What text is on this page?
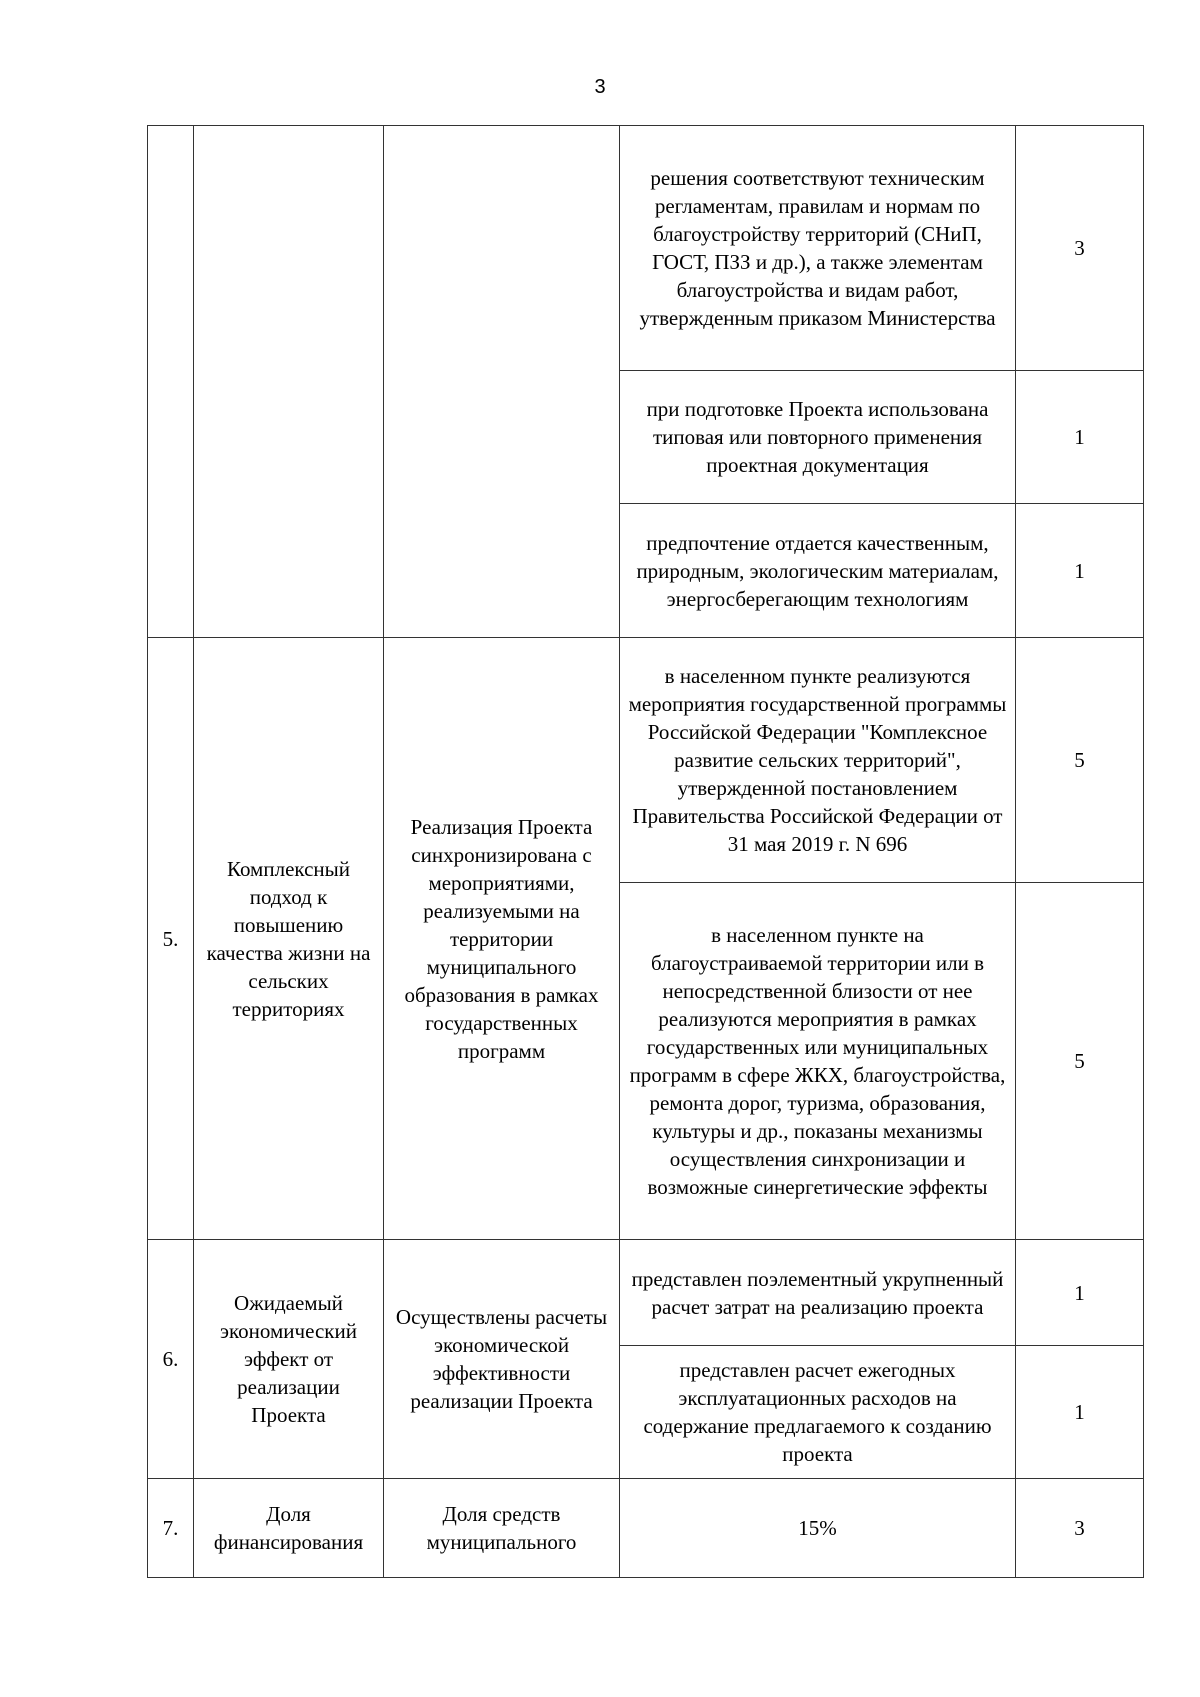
3
			решения соответствуют техническим регламентам, правилам и нормам по благоустройству территорий (СНиП, ГОСТ, ПЗЗ и др.), а также элементам благоустройства и видам работ, утвержденным приказом Министерства	3
			при подготовке Проекта использована типовая или повторного применения проектная документация	1
			предпочтение отдается качественным, природным, экологическим материалам, энергосберегающим технологиям	1
5.	Комплексный подход к повышению качества жизни на сельских территориях	Реализация Проекта синхронизирована с мероприятиями, реализуемыми на территории муниципального образования в рамках государственных программ	в населенном пункте реализуются мероприятия государственной программы Российской Федерации "Комплексное развитие сельских территорий", утвержденной постановлением Правительства Российской Федерации от 31 мая 2019 г. N 696	5
			в населенном пункте на благоустраиваемой территории или в непосредственной близости от нее реализуются мероприятия в рамках государственных или муниципальных программ в сфере ЖКХ, благоустройства, ремонта дорог, туризма, образования, культуры и др., показаны механизмы осуществления синхронизации и возможные синергетические эффекты	5
6.	Ожидаемый экономический эффект от реализации Проекта	Осуществлены расчеты экономической эффективности реализации Проекта	представлен поэлементный укрупненный расчет затрат на реализацию проекта	1
			представлен расчет ежегодных эксплуатационных расходов на содержание предлагаемого к созданию проекта	1
7.	Доля финансирования	Доля средств муниципального	15%	3
